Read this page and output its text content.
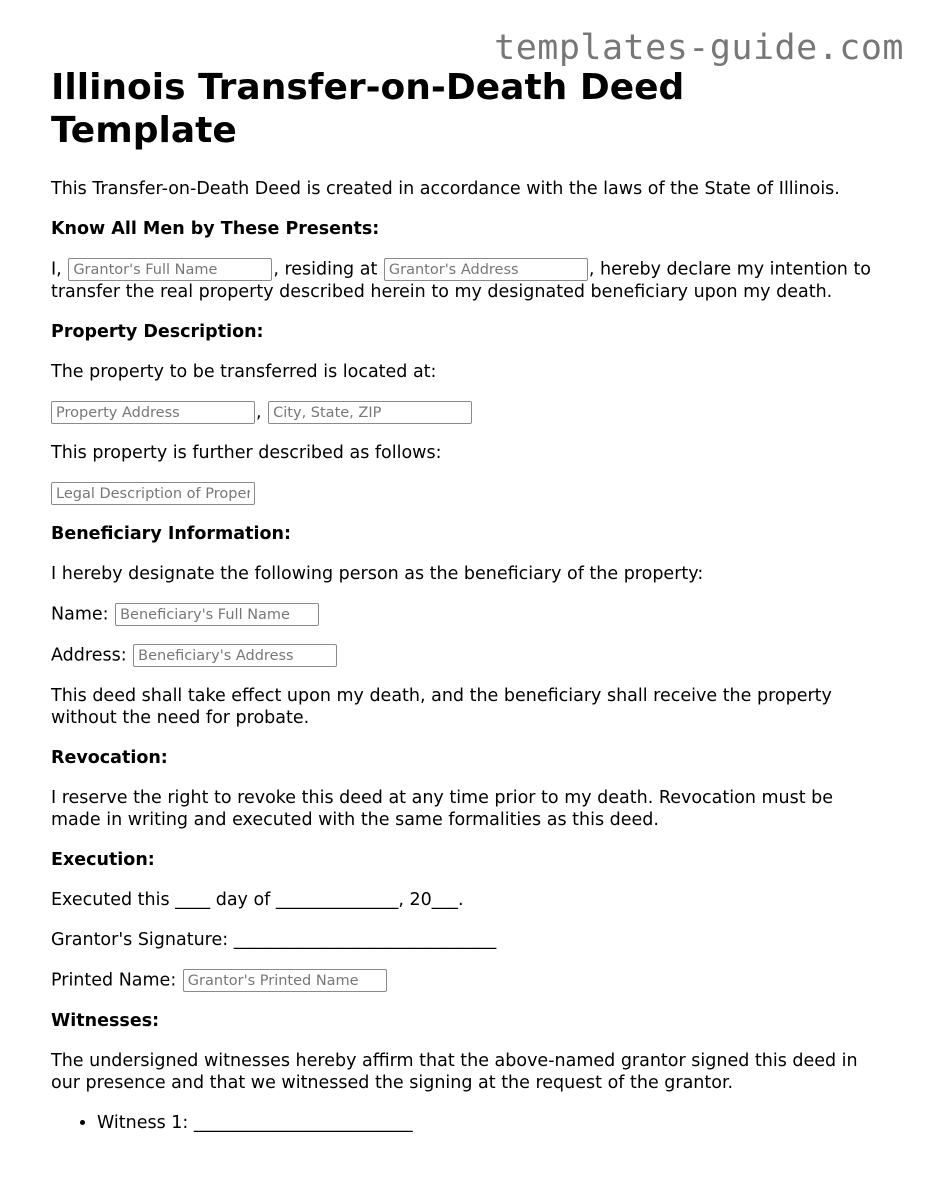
templates-guide.com
Illinois Transfer-on-Death Deed Template

This Transfer-on-Death Deed is created in accordance with the laws of the State of Illinois.

Know All Men by These Presents:

I, Grantor's Full Name	, residing at Grantor's Address	, hereby declare my intention to transfer the real property described herein to my designated beneficiary upon my death.

Property Description:

The property to be transferred is located at:

Property Address, City, State, ZIP

This property is further described as follows:

Legal Description of Property

Beneficiary Information:

I hereby designate the following person as the beneficiary of the property:

Name: Beneficiary's Full Name

Address: Beneficiary's Address

This deed shall take effect upon my death, and the beneficiary shall receive the property without the need for probate.

Revocation:

I reserve the right to revoke this deed at any time prior to my death. Revocation must be made in writing and executed with the same formalities as this deed.

Execution:

Executed this ____ day of ______________, 20___.

Grantor's Signature: ______________________________

Printed Name: Grantor's Printed Name

Witnesses:

The undersigned witnesses hereby affirm that the above-named grantor signed this deed in our presence and that we witnessed the signing at the request of the grantor.

• Witness 1: _________________________
